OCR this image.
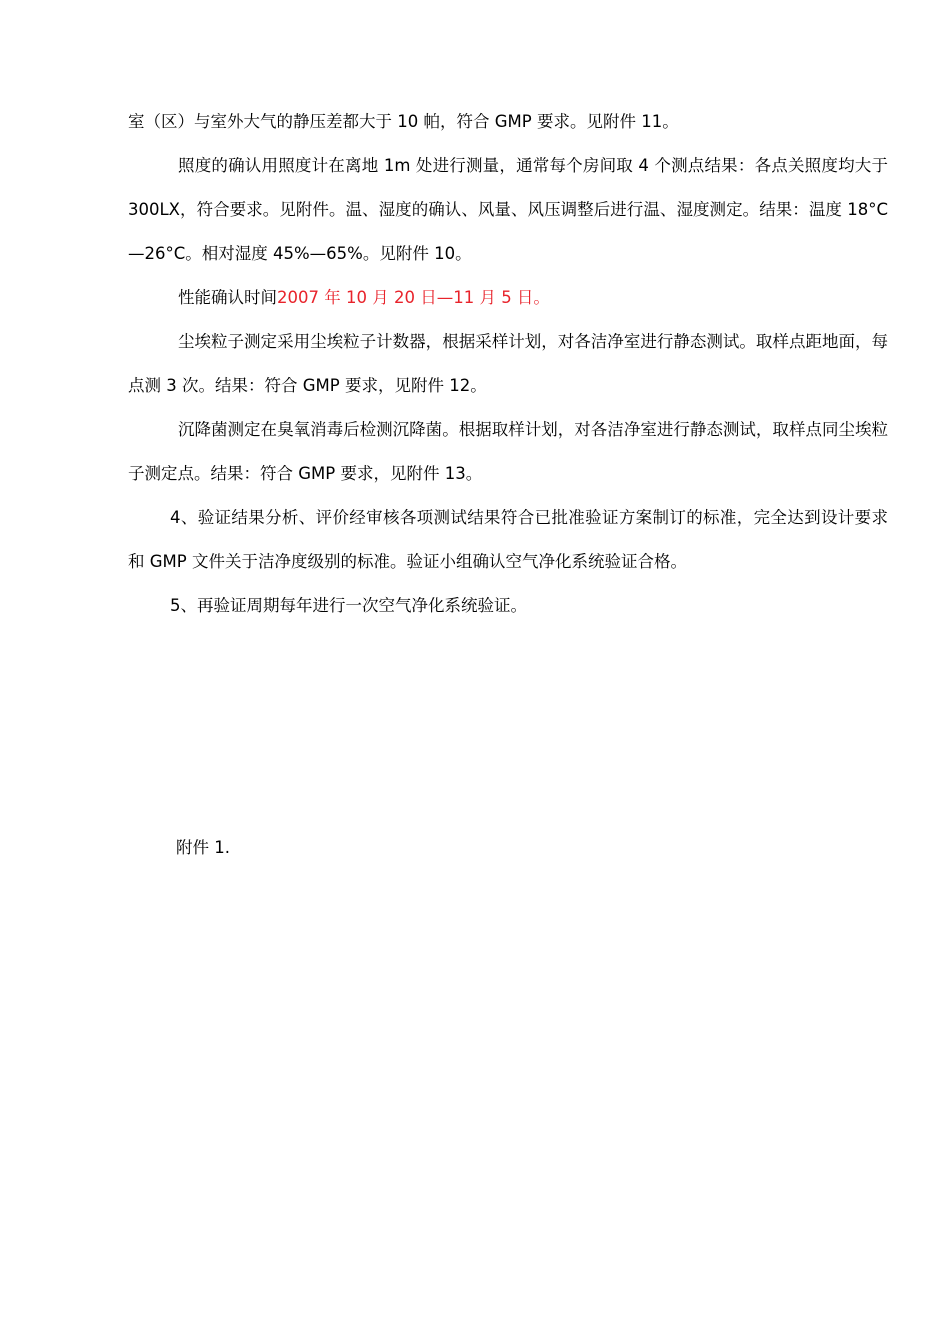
室（区）与室外大气的静压差都大于 10 帕，符合 GMP 要求。见附件 11。

照度的确认用照度计在离地 1m 处进行测量，通常每个房间取 4 个测点结果：各点关照度均大于 300LX，符合要求。见附件。温、湿度的确认、风量、风压调整后进行温、湿度测定。结果：温度 18°C—26°C。相对湿度 45%—65%。见附件 10。

性能确认时间2007 年 10 月 20 日—11 月 5 日。

尘埃粒子测定采用尘埃粒子计数器，根据采样计划，对各洁净室进行静态测试。取样点距地面，每点测 3 次。结果：符合 GMP 要求，见附件 12。

沉降菌测定在臭氧消毒后检测沉降菌。根据取样计划，对各洁净室进行静态测试，取样点同尘埃粒子测定点。结果：符合 GMP 要求，见附件 13。

4、验证结果分析、评价经审核各项测试结果符合已批准验证方案制订的标准，完全达到设计要求和 GMP 文件关于洁净度级别的标准。验证小组确认空气净化系统验证合格。

5、再验证周期每年进行一次空气净化系统验证。

附件 1.
